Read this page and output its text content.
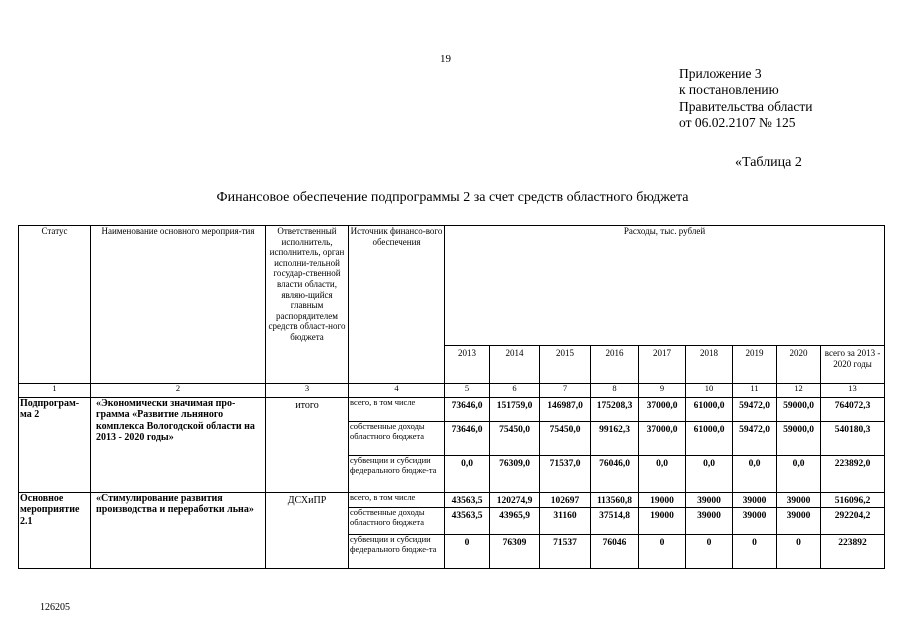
19
Приложение 3
к постановлению
Правительства области
от 06.02.2107 № 125
«Таблица 2
Финансовое обеспечение подпрограммы 2 за счет средств областного бюджета
Статус	Наименование основного мероприя-тия	Ответственный исполнитель, исполнитель, орган исполни-тельной государ-ственной власти области, являю-щийся главным распорядителем средств област-ного бюджета	Источник финансо-вого обеспечения	Расходы, тыс. рублей								
				2013	2014	2015	2016	2017	2018	2019	2020	всего за 2013 - 2020 годы
1	2	3	4	5	6	7	8	9	10	11	12	13
Подпрограм-ма 2	«Экономически значимая про-грамма «Развитие льняного комплекса Вологодской области на 2013 - 2020 годы»	итого	всего, в том числе	73646,0	151759,0	146987,0	175208,3	37000,0	61000,0	59472,0	59000,0	764072,3
			собственные доходы областного бюджета	73646,0	75450,0	75450,0	99162,3	37000,0	61000,0	59472,0	59000,0	540180,3
			субвенции и субсидии федерального бюдже-та	0,0	76309,0	71537,0	76046,0	0,0	0,0	0,0	0,0	223892,0
Основное мероприятие 2.1	«Стимулирование развития производства и переработки льна»	ДСХиПР	всего, в том числе	43563,5	120274,9	102697	113560,8	19000	39000	39000	39000	516096,2
			собственные доходы областного бюджета	43563,5	43965,9	31160	37514,8	19000	39000	39000	39000	292204,2
			субвенции и субсидии федерального бюдже-та	0	76309	71537	76046	0	0	0	0	223892
126205
